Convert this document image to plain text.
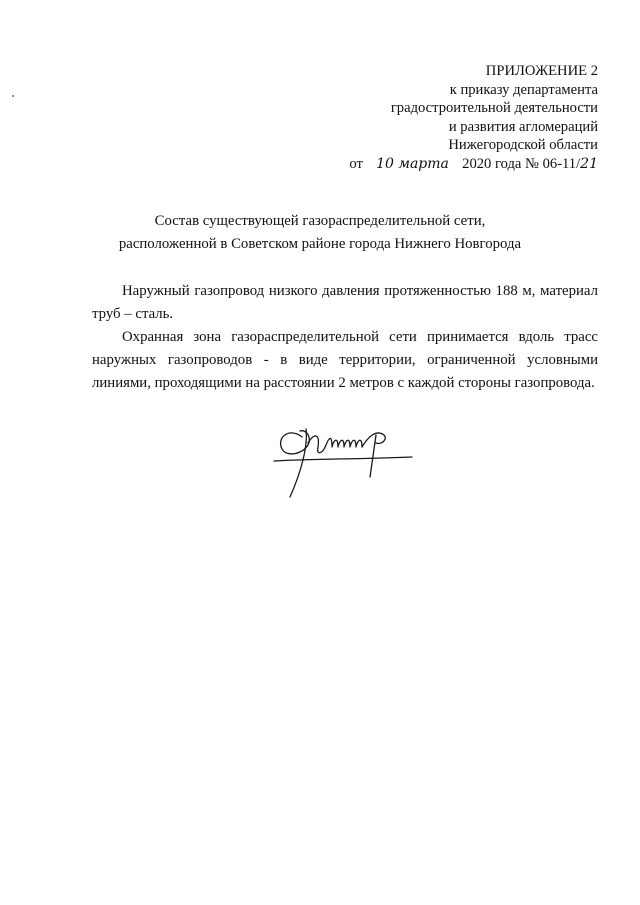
ПРИЛОЖЕНИЕ 2
к приказу департамента
градостроительной деятельности
и развития агломераций
Нижегородской области
от 10 марта 2020 года № 06-11/21
Состав существующей газораспределительной сети,
расположенной в Советском районе города Нижнего Новгорода

Наружный газопровод низкого давления протяженностью 188 м, материал труб – сталь.

Охранная зона газораспределительной сети принимается вдоль трасс наружных газопроводов - в виде территории, ограниченной условными линиями, проходящими на расстоянии 2 метров с каждой стороны газопровода.
